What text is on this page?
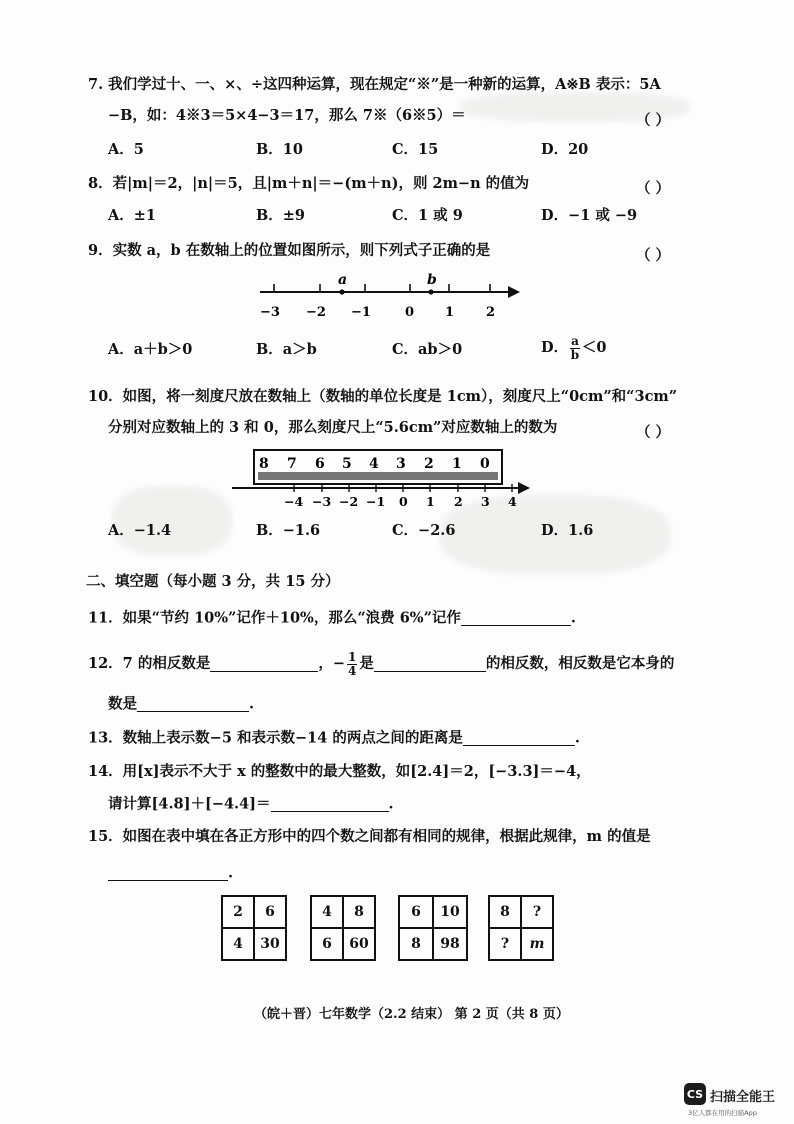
7. 我们学过十、一、×、÷这四种运算，现在规定“※”是一种新的运算，A※B 表示：5A
−B，如：4※3＝5×4−3＝17，那么 7※（6※5）＝	（ ）
A．5	B．10	C．15	D．20
8．若|m|＝2，|n|＝5，且|m＋n|＝−(m＋n)，则 2m−n 的值为	（ ）
A．±1	B．±9	C．1 或 9	D．−1 或 −9
9．实数 a，b 在数轴上的位置如图所示，则下列式子正确的是	（ ）
a	b
−3 −2 −1	0 1 2
A．a＋b＞0	B．a＞b	C．ab＞0	D． $\frac{a}{b} <0$
10．如图，将一刻度尺放在数轴上（数轴的单位长度是 1cm），刻度尺上“0cm”和“3cm”
分别对应数轴上的 3 和 0，那么刻度尺上“5.6cm”对应数轴上的数为	（ ）
8 7 6 5 4 3 2 1 0
−4 −3 −2 −1 0 1 2 3 4
A．−1.4	B．−1.6	C．−2.6	D．1.6
二、填空题（每小题 3 分，共 15 分）
11．如果“节约 10%”记作＋10%，那么“浪费 6%”记作	.
12．7 的相反数是	，− $\frac{1}{4}$ 是	的相反数，相反数是它本身的
数是	.
13．数轴上表示数−5 和表示数−14 的两点之间的距离是	.
14．用[x]表示不大于 x 的整数中的最大整数，如[2.4]＝2，[−3.3]＝−4，
请计算[4.8]＋[−4.4]＝	.
15．如图在表中填在各正方形中的四个数之间都有相同的规律，根据此规律，m 的值是
.
2	6
4	30
4	8
6	60
6	10
8	98
8	?
?	m
（皖＋晋）七年数学（2.2 结束） 第 2 页（共 8 页）
CS 扫描全能王
3亿人都在用的扫描App
